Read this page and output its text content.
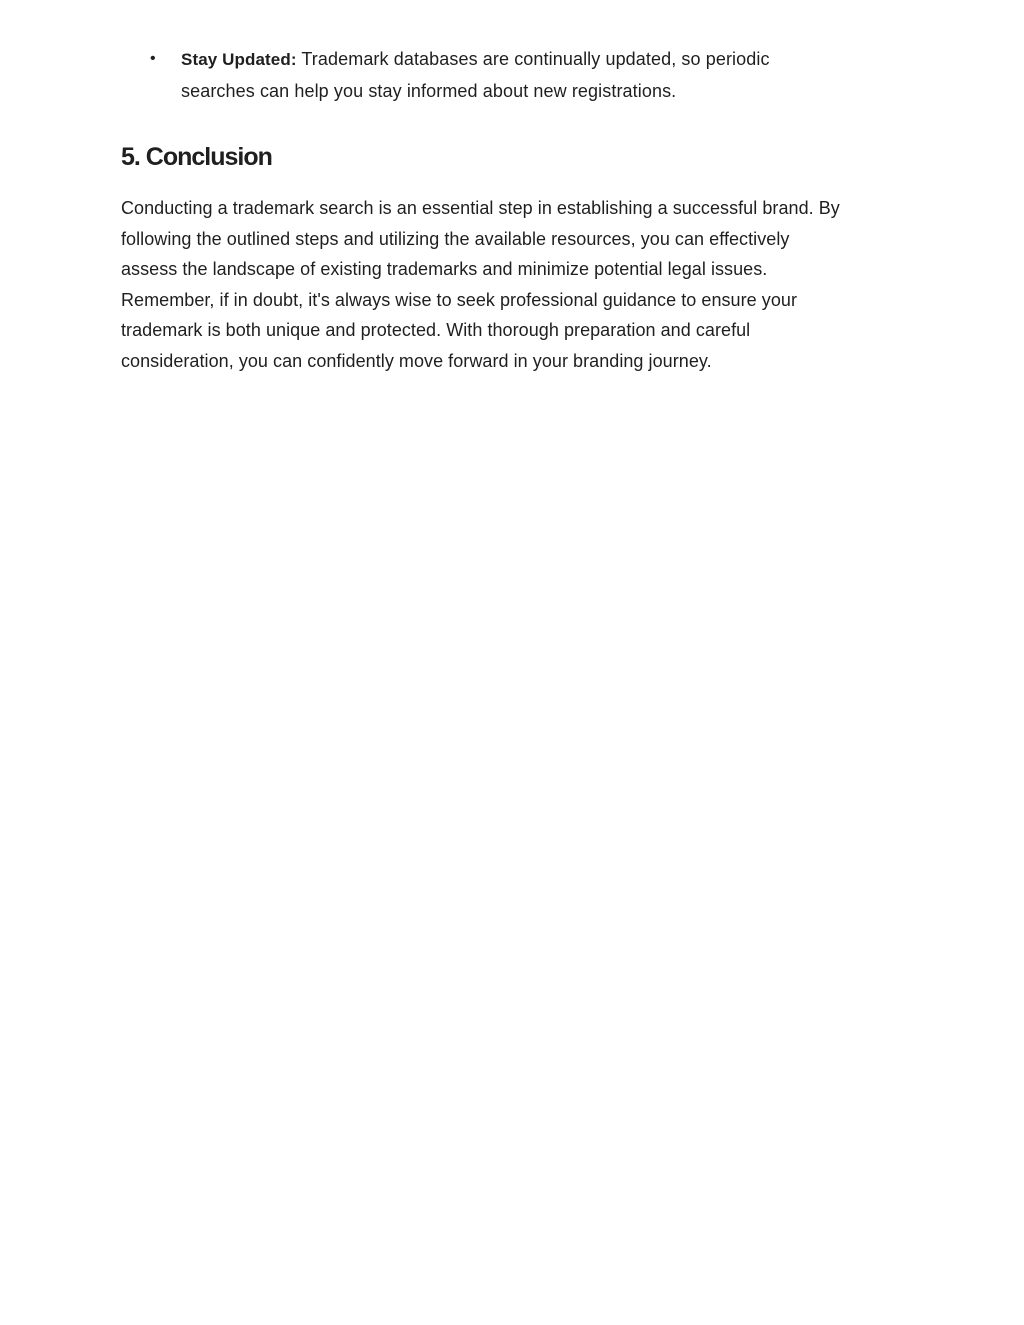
• Stay Updated: Trademark databases are continually updated, so periodic
searches can help you stay informed about new registrations.
5. Conclusion

Conducting a trademark search is an essential step in establishing a successful brand. By
following the outlined steps and utilizing the available resources, you can effectively
assess the landscape of existing trademarks and minimize potential legal issues.
Remember, if in doubt, it's always wise to seek professional guidance to ensure your
trademark is both unique and protected. With thorough preparation and careful
consideration, you can confidently move forward in your branding journey.
